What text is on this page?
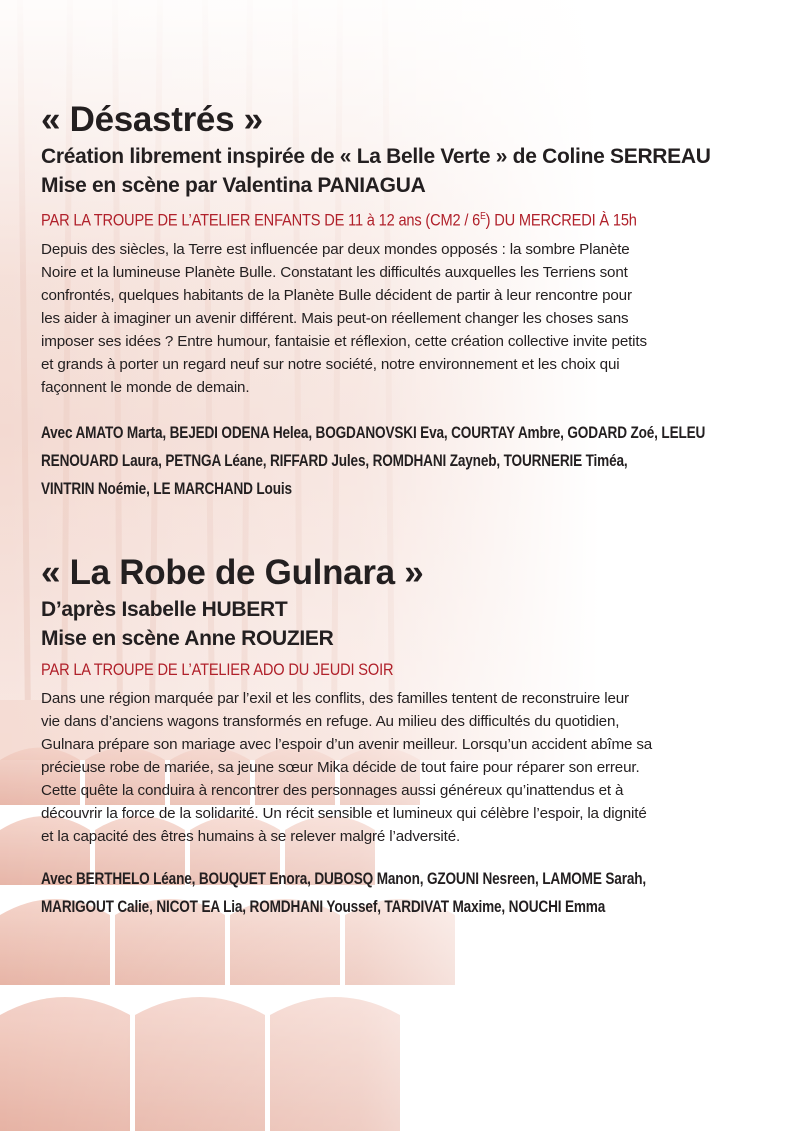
« Désastrés »
Création librement inspirée de « La Belle Verte » de Coline SERREAU
Mise en scène par Valentina PANIAGUA
PAR LA TROUPE DE L’ATELIER ENFANTS DE 11 à 12 ans $(CM2 / 6^E)$ DU MERCREDI À 15h
Depuis des siècles, la Terre est influencée par deux mondes opposés : la sombre Planète
Noire et la lumineuse Planète Bulle. Constatant les difficultés auxquelles les Terriens sont
confrontés, quelques habitants de la Planète Bulle décident de partir à leur rencontre pour
les aider à imaginer un avenir différent. Mais peut-on réellement changer les choses sans
imposer ses idées ? Entre humour, fantaisie et réflexion, cette création collective invite petits
et grands à porter un regard neuf sur notre société, notre environnement et les choix qui
façonnent le monde de demain.
Avec AMATO Marta, BEJEDI ODENA Helea, BOGDANOVSKI Eva, COURTAY Ambre, GODARD Zoé, LELEU
RENOUARD Laura, PETNGA Léane, RIFFARD Jules, ROMDHANI Zayneb, TOURNERIE Timéa,
VINTRIN Noémie, LE MARCHAND Louis
« La Robe de Gulnara »
D’après Isabelle HUBERT
Mise en scène Anne ROUZIER
PAR LA TROUPE DE L’ATELIER ADO DU JEUDI SOIR
Dans une région marquée par l’exil et les conflits, des familles tentent de reconstruire leur
vie dans d’anciens wagons transformés en refuge. Au milieu des difficultés du quotidien,
Gulnara prépare son mariage avec l’espoir d’un avenir meilleur. Lorsqu’un accident abîme sa
précieuse robe de mariée, sa jeune sœur Mika décide de tout faire pour réparer son erreur.
Cette quête la conduira à rencontrer des personnages aussi généreux qu’inattendus et à
découvrir la force de la solidarité. Un récit sensible et lumineux qui célèbre l’espoir, la dignité
et la capacité des êtres humains à se relever malgré l’adversité.
Avec BERTHELO Léane, BOUQUET Enora, DUBOSQ Manon, GZOUNI Nesreen, LAMOME Sarah,
MARIGOUT Calie, NICOT EA Lia, ROMDHANI Youssef, TARDIVAT Maxime, NOUCHI Emma
